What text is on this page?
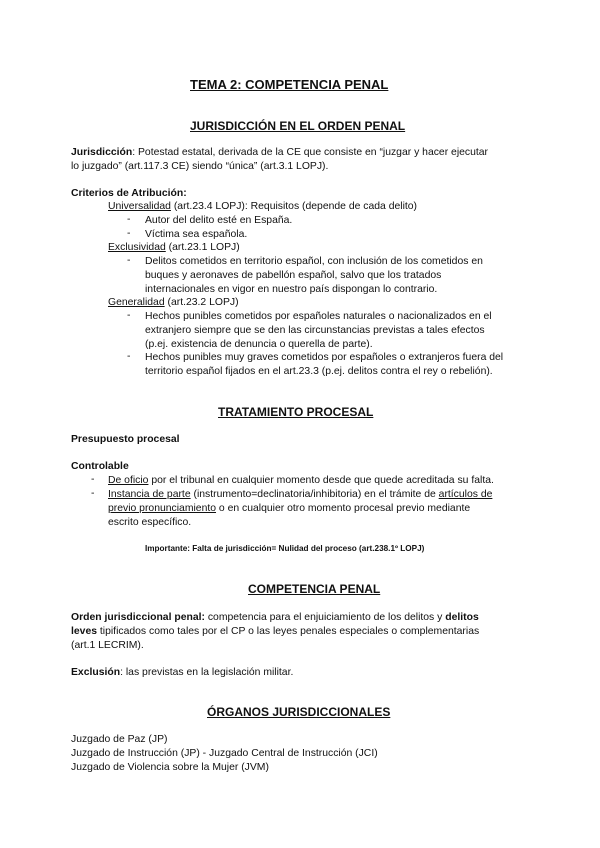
TEMA 2: COMPETENCIA PENAL
JURISDICCIÓN EN EL ORDEN PENAL
Jurisdicción: Potestad estatal, derivada de la CE que consiste en “juzgar y hacer ejecutar
lo juzgado” (art.117.3 CE) siendo “única” (art.3.1 LOPJ).
Criterios de Atribución:
Universalidad (art.23.4 LOPJ): Requisitos (depende de cada delito)
- Autor del delito esté en España.
- Víctima sea española.
Exclusividad (art.23.1 LOPJ)
- Delitos cometidos en territorio español, con inclusión de los cometidos en
buques y aeronaves de pabellón español, salvo que los tratados
internacionales en vigor en nuestro país dispongan lo contrario.
Generalidad (art.23.2 LOPJ)
- Hechos punibles cometidos por españoles naturales o nacionalizados en el
extranjero siempre que se den las circunstancias previstas a tales efectos
(p.ej. existencia de denuncia o querella de parte).
- Hechos punibles muy graves cometidos por españoles o extranjeros fuera del
territorio español fijados en el art.23.3 (p.ej. delitos contra el rey o rebelión).
TRATAMIENTO PROCESAL
Presupuesto procesal
Controlable
- De oficio por el tribunal en cualquier momento desde que quede acreditada su falta.
- Instancia de parte (instrumento=declinatoria/inhibitoria) en el trámite de artículos de
previo pronunciamiento o en cualquier otro momento procesal previo mediante
escrito específico.
Importante: Falta de jurisdicción= Nulidad del proceso (art.238.1º LOPJ)
COMPETENCIA PENAL
Orden jurisdiccional penal: competencia para el enjuiciamiento de los delitos y delitos
leves tipificados como tales por el CP o las leyes penales especiales o complementarias
(art.1 LECRIM).
Exclusión: las previstas en la legislación militar.
ÓRGANOS JURISDICCIONALES
Juzgado de Paz (JP)
Juzgado de Instrucción (JP) - Juzgado Central de Instrucción (JCI)
Juzgado de Violencia sobre la Mujer (JVM)
